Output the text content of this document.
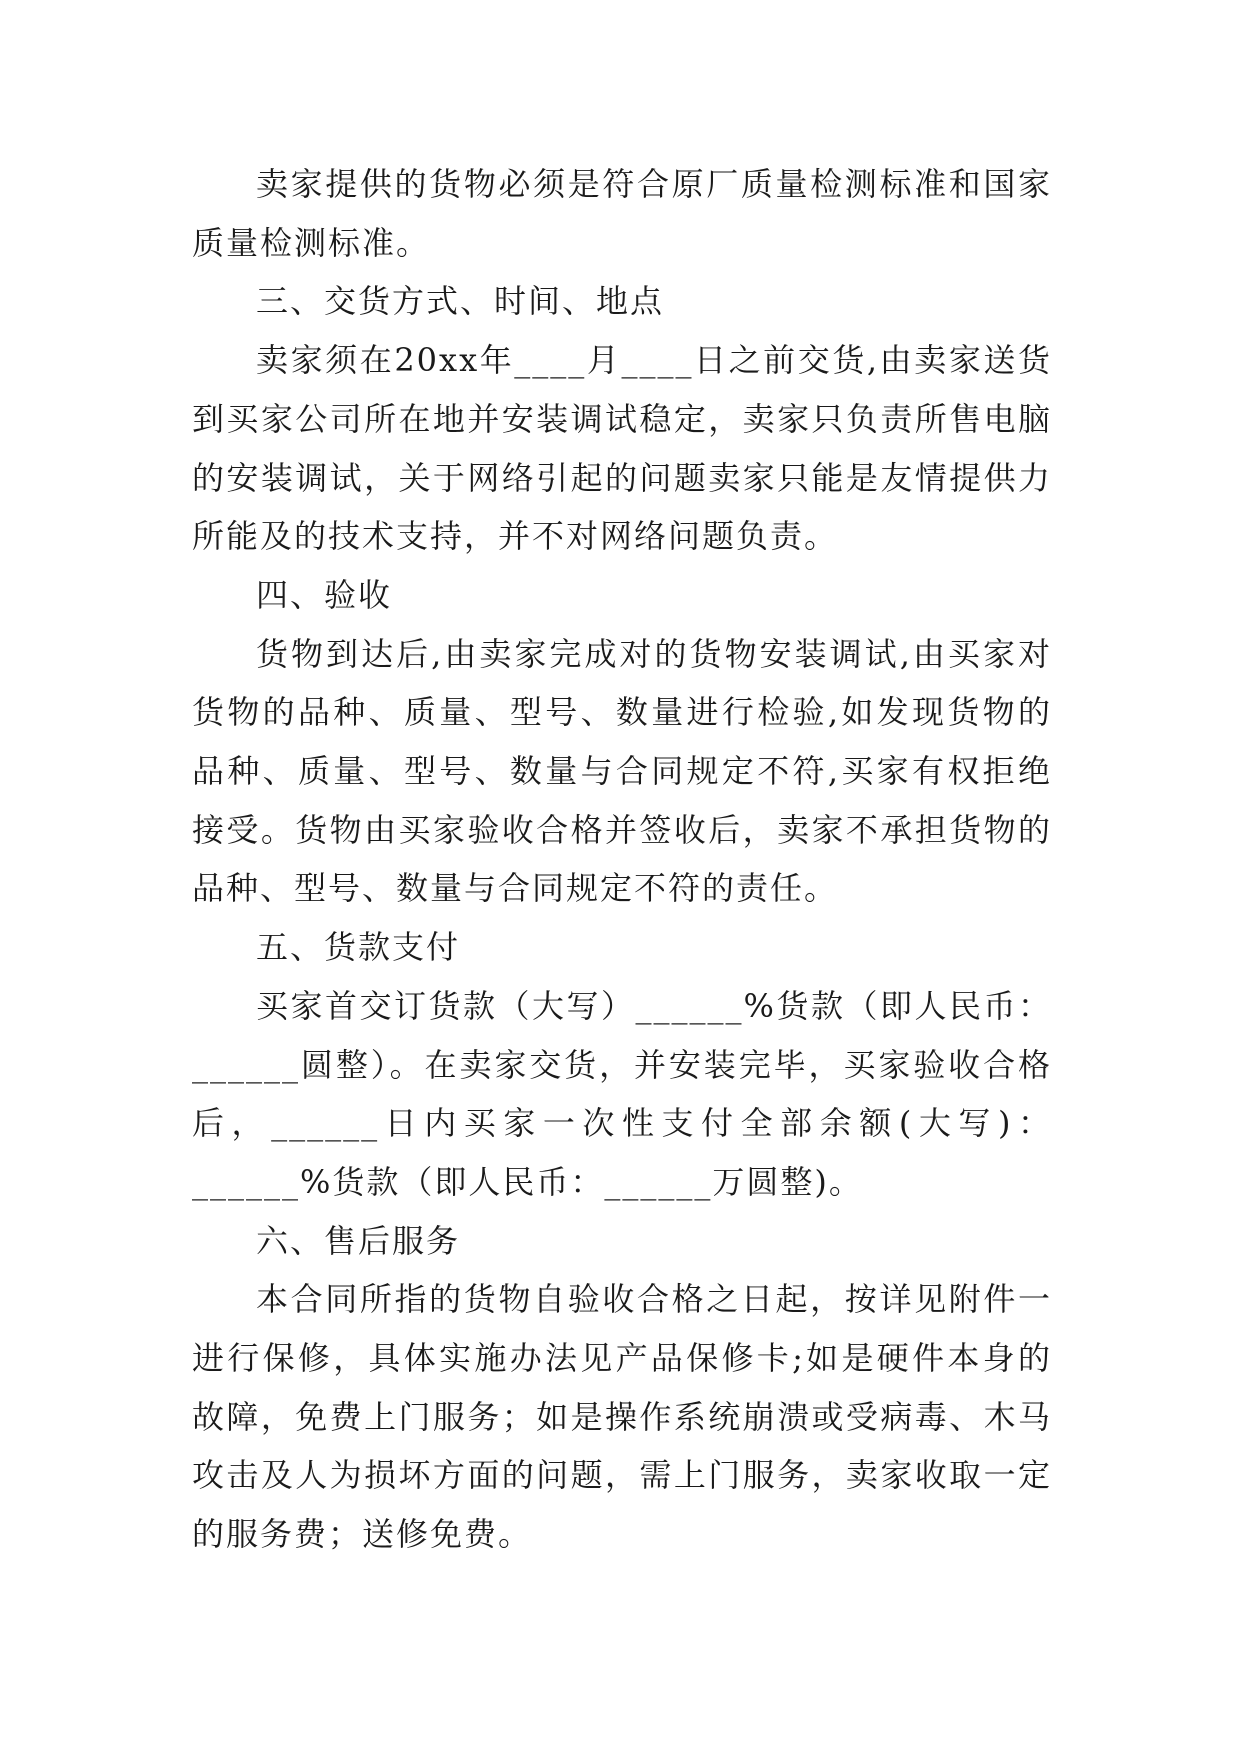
卖家提供的货物必须是符合原厂质量检测标准和国家质量检测标准。

三、交货方式、时间、地点

卖家须在20xx年____月____日之前交货,由卖家送货到买家公司所在地并安装调试稳定，卖家只负责所售电脑的安装调试，关于网络引起的问题卖家只能是友情提供力所能及的技术支持，并不对网络问题负责。

四、验收

货物到达后,由卖家完成对的货物安装调试,由买家对货物的品种、质量、型号、数量进行检验,如发现货物的品种、质量、型号、数量与合同规定不符,买家有权拒绝接受。货物由买家验收合格并签收后，卖家不承担货物的品种、型号、数量与合同规定不符的责任。

五、货款支付

买家首交订货款（大写）______%货款（即人民币：______圆整）。在卖家交货，并安装完毕，买家验收合格后，______日内买家一次性支付全部余额(大写)：______%货款（即人民币：______万圆整)。

六、售后服务

本合同所指的货物自验收合格之日起，按详见附件一进行保修，具体实施办法见产品保修卡;如是硬件本身的故障，免费上门服务；如是操作系统崩溃或受病毒、木马攻击及人为损坏方面的问题，需上门服务，卖家收取一定的服务费；送修免费。
